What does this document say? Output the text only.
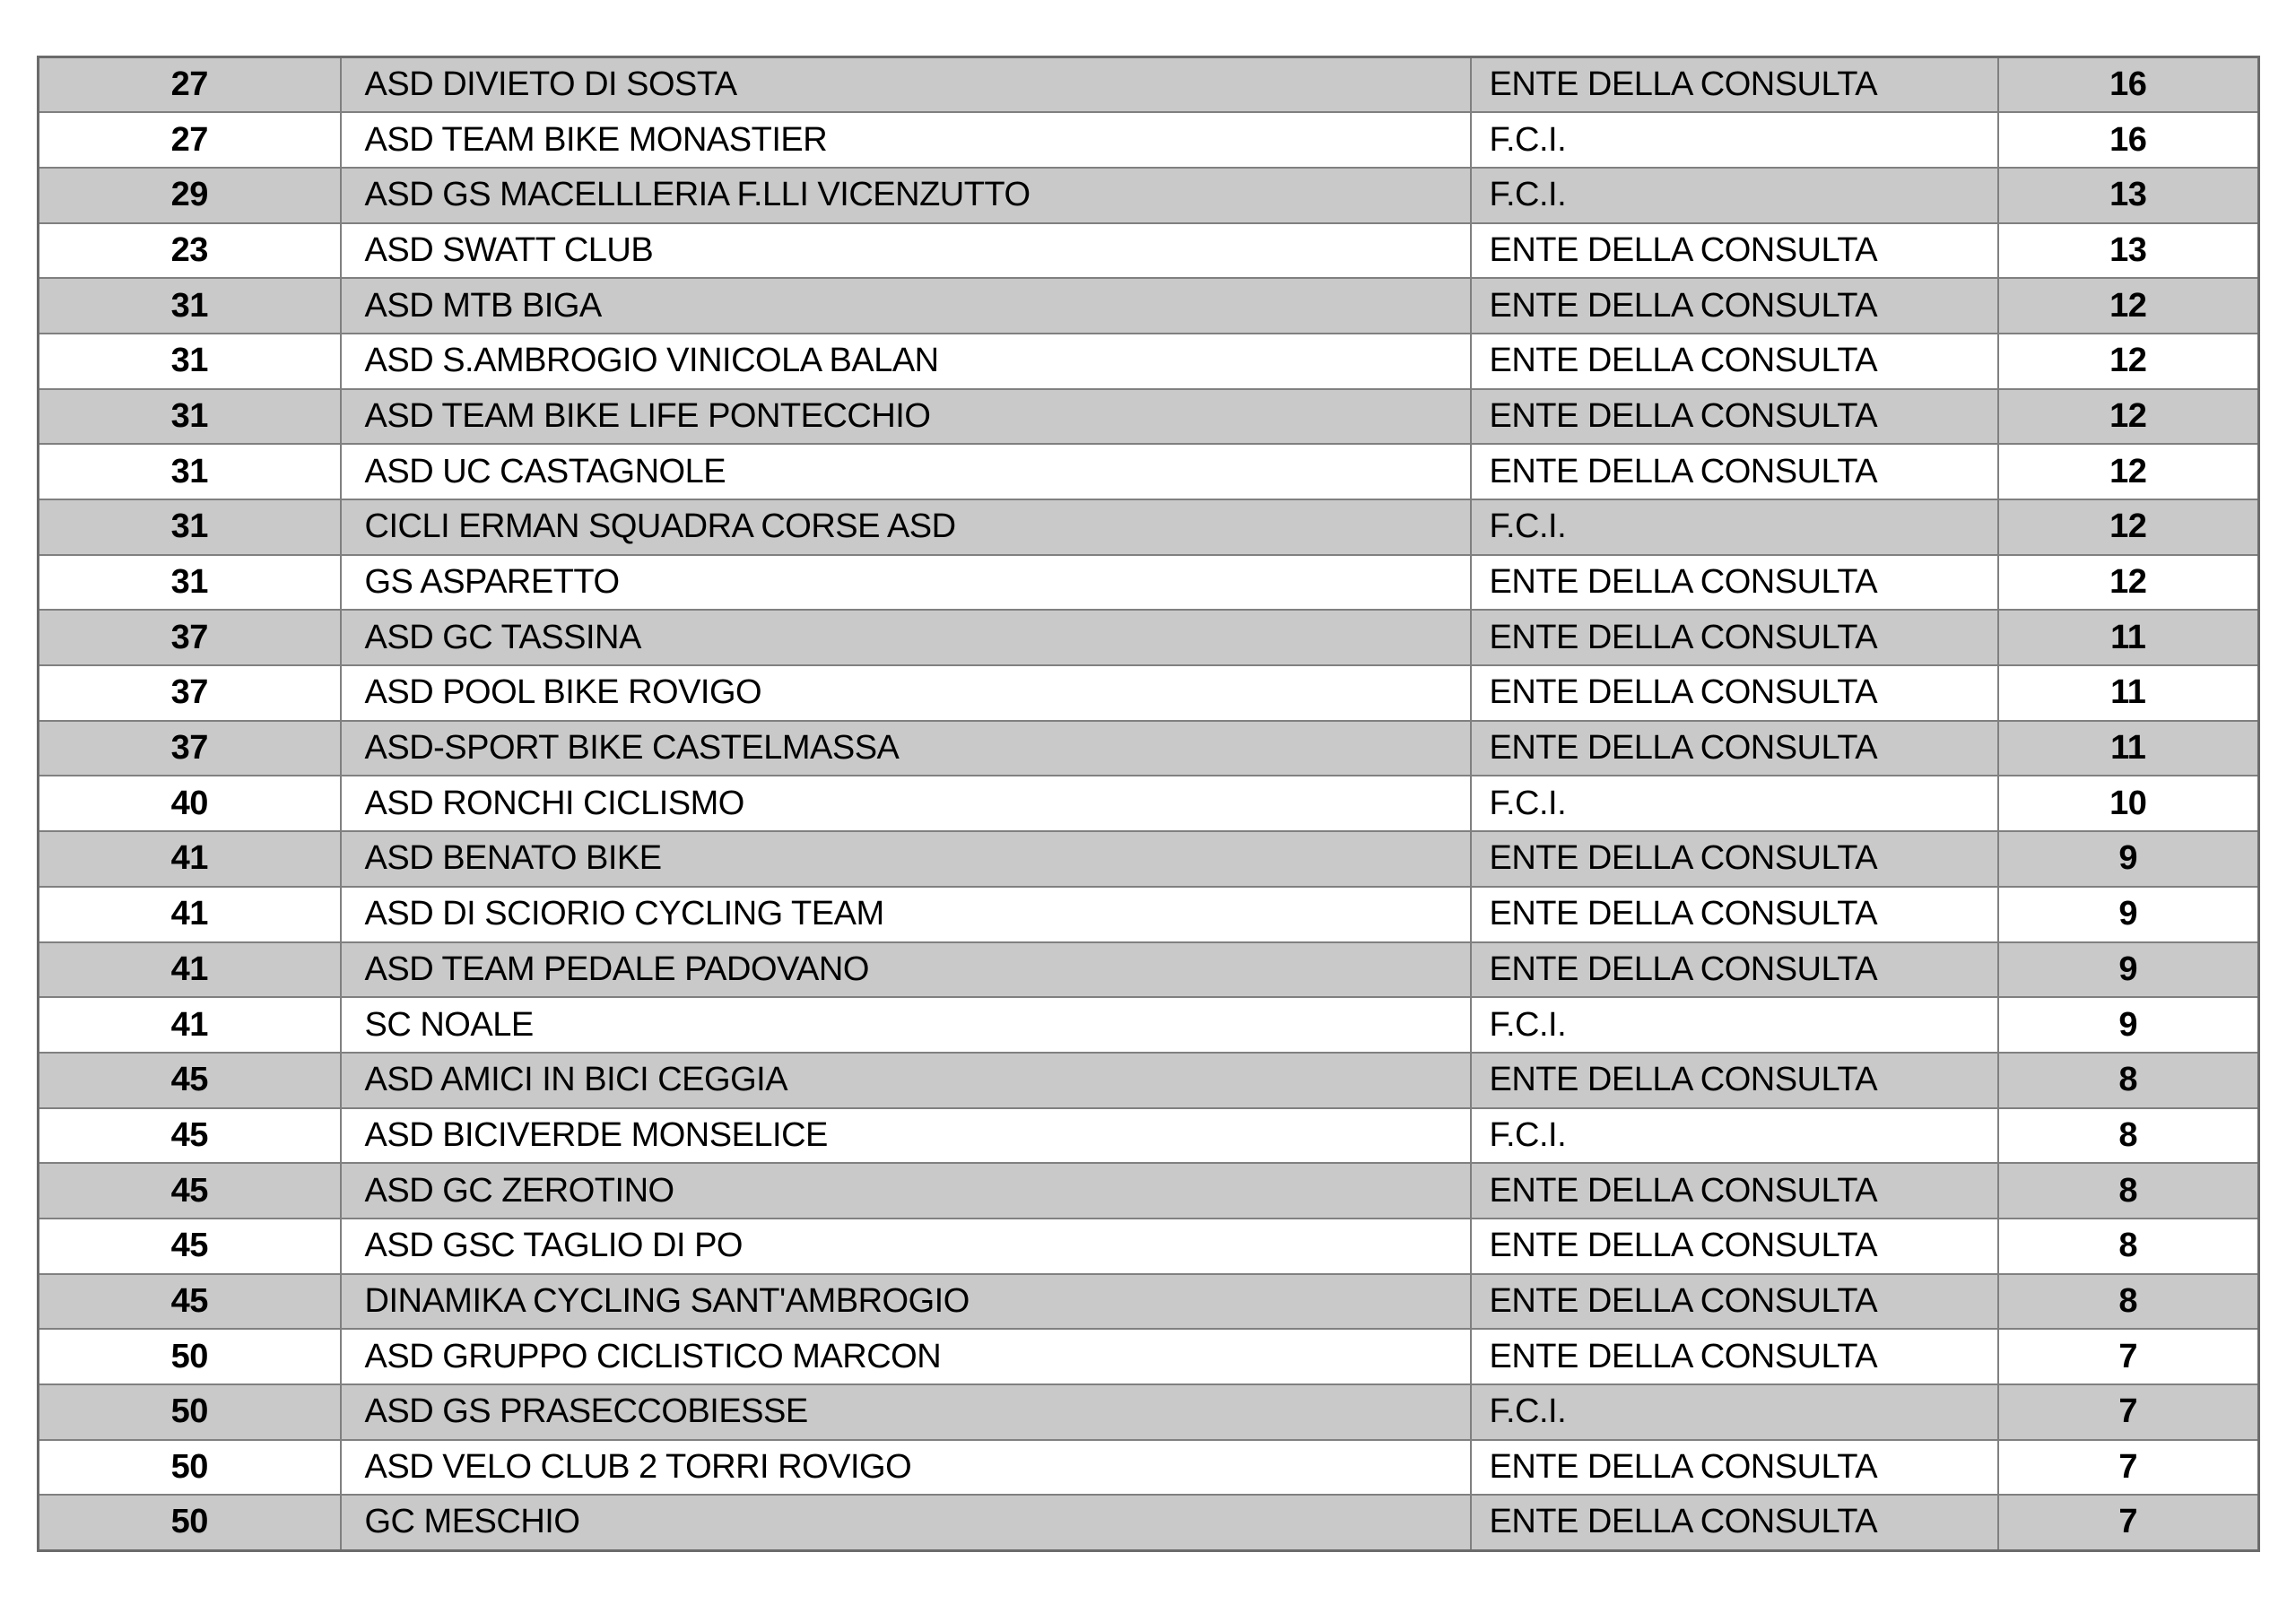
27	ASD DIVIETO DI SOSTA	ENTE DELLA CONSULTA	16
27	ASD TEAM BIKE MONASTIER	F.C.I.	16
29	ASD GS MACELLLERIA F.LLI VICENZUTTO	F.C.I.	13
23	ASD SWATT CLUB	ENTE DELLA CONSULTA	13
31	ASD MTB BIGA	ENTE DELLA CONSULTA	12
31	ASD S.AMBROGIO VINICOLA BALAN	ENTE DELLA CONSULTA	12
31	ASD TEAM BIKE LIFE PONTECCHIO	ENTE DELLA CONSULTA	12
31	ASD UC CASTAGNOLE	ENTE DELLA CONSULTA	12
31	CICLI ERMAN SQUADRA CORSE ASD	F.C.I.	12
31	GS ASPARETTO	ENTE DELLA CONSULTA	12
37	ASD GC TASSINA	ENTE DELLA CONSULTA	11
37	ASD POOL BIKE ROVIGO	ENTE DELLA CONSULTA	11
37	ASD-SPORT BIKE CASTELMASSA	ENTE DELLA CONSULTA	11
40	ASD RONCHI CICLISMO	F.C.I.	10
41	ASD BENATO BIKE	ENTE DELLA CONSULTA	9
41	ASD DI SCIORIO CYCLING TEAM	ENTE DELLA CONSULTA	9
41	ASD TEAM PEDALE PADOVANO	ENTE DELLA CONSULTA	9
41	SC NOALE	F.C.I.	9
45	ASD AMICI IN BICI CEGGIA	ENTE DELLA CONSULTA	8
45	ASD BICIVERDE MONSELICE	F.C.I.	8
45	ASD GC ZEROTINO	ENTE DELLA CONSULTA	8
45	ASD GSC TAGLIO DI PO	ENTE DELLA CONSULTA	8
45	DINAMIKA CYCLING SANT'AMBROGIO	ENTE DELLA CONSULTA	8
50	ASD GRUPPO CICLISTICO MARCON	ENTE DELLA CONSULTA	7
50	ASD GS PRASECCOBIESSE	F.C.I.	7
50	ASD VELO CLUB 2 TORRI ROVIGO	ENTE DELLA CONSULTA	7
50	GC MESCHIO	ENTE DELLA CONSULTA	7
